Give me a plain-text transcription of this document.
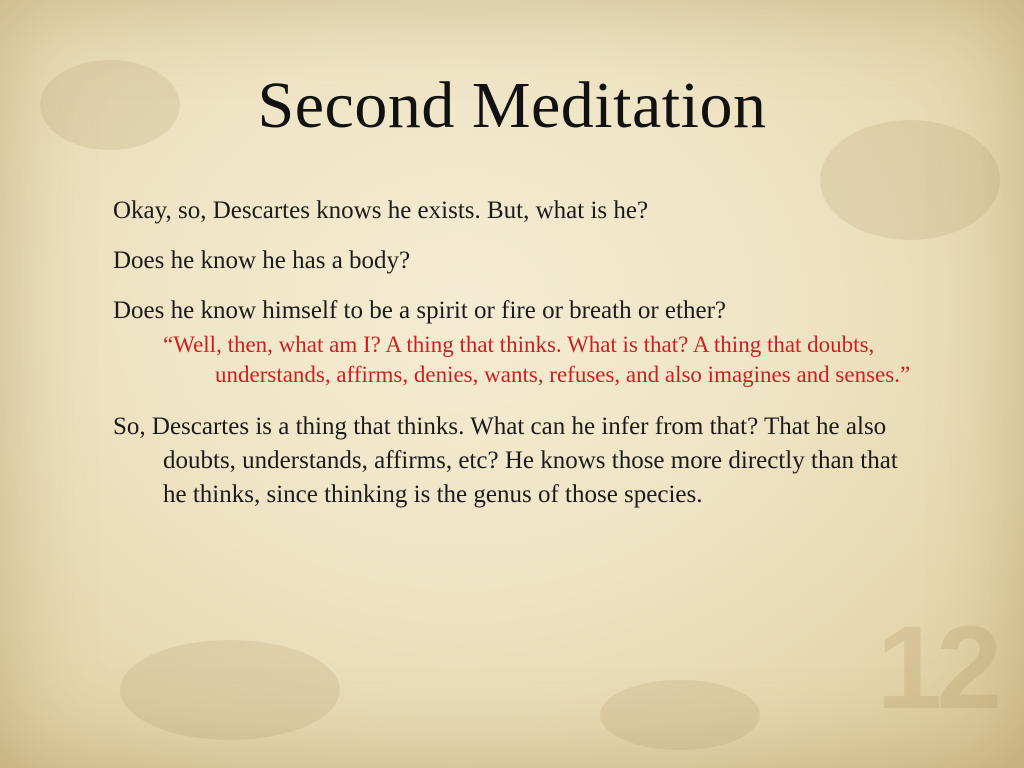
Second Meditation
Okay, so, Descartes knows he exists. But, what is he?
Does he know he has a body?
Does he know himself to be a spirit or fire or breath or ether?
“Well, then, what am I? A thing that thinks. What is that? A thing that doubts, understands, affirms, denies, wants, refuses, and also imagines and senses.”
So, Descartes is a thing that thinks. What can he infer from that? That he also doubts, understands, affirms, etc? He knows those more directly than that he thinks, since thinking is the genus of those species.
12
